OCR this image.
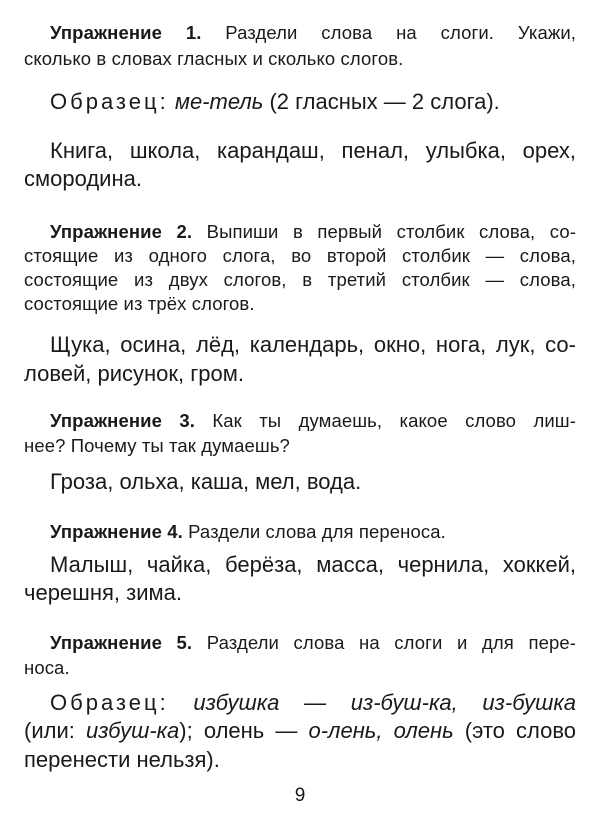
Упражнение 1. Раздели слова на слоги. Укажи,
сколько в словах гласных и сколько слогов.
Образец: ме-тель (2 гласных — 2 слога).
Книга, школа, карандаш, пенал, улыбка, орех,
смородина.
Упражнение 2. Выпиши в первый столбик слова, со-
стоящие из одного слога, во второй столбик — слова,
состоящие из двух слогов, в третий столбик — слова,
состоящие из трёх слогов.
Щука, осина, лёд, календарь, окно, нога, лук, со-
ловей, рисунок, гром.
Упражнение 3. Как ты думаешь, какое слово лиш-
нее? Почему ты так думаешь?
Гроза, ольха, каша, мел, вода.
Упражнение 4. Раздели слова для переноса.
Малыш, чайка, берёза, масса, чернила, хоккей,
черешня, зима.
Упражнение 5. Раздели слова на слоги и для пере-
носа.
Образец: избушка — из-буш-ка, из-бушка
(или: избуш-ка); олень — о-лень, олень (это слово
перенести нельзя).
9
